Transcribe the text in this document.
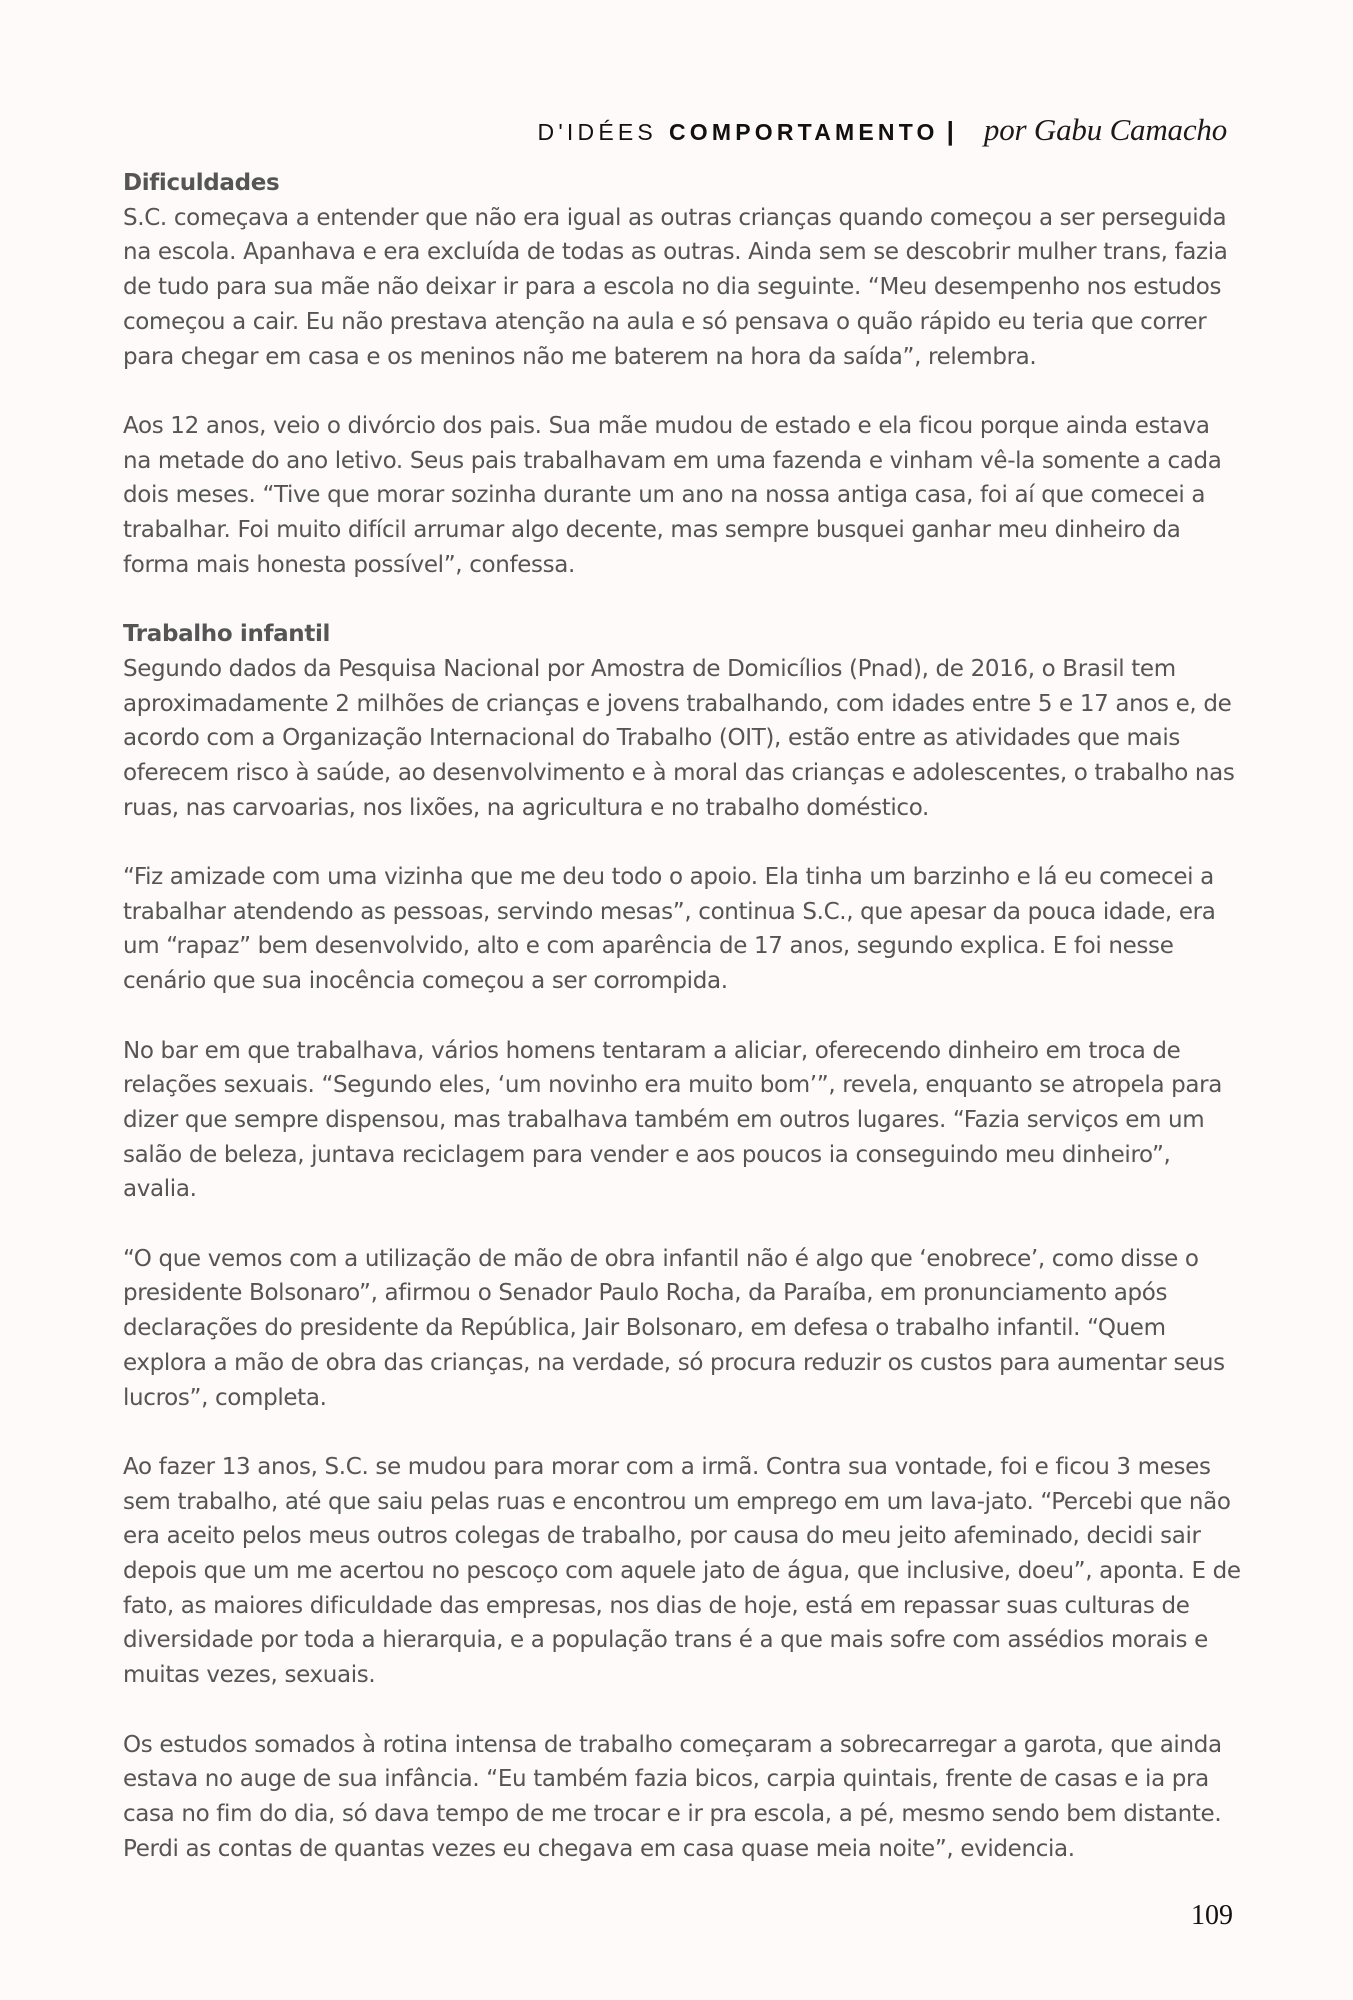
D'IDÉES COMPORTAMENTO | por Gabu Camacho
Dificuldades

S.C. começava a entender que não era igual as outras crianças quando começou a ser perseguida na escola. Apanhava e era excluída de todas as outras. Ainda sem se descobrir mulher trans, fazia de tudo para sua mãe não deixar ir para a escola no dia seguinte. “Meu desempenho nos estudos começou a cair. Eu não prestava atenção na aula e só pensava o quão rápido eu teria que correr para chegar em casa e os meninos não me baterem na hora da saída”, relembra.

Aos 12 anos, veio o divórcio dos pais. Sua mãe mudou de estado e ela ficou porque ainda estava na metade do ano letivo. Seus pais trabalhavam em uma fazenda e vinham vê-la somente a cada dois meses. “Tive que morar sozinha durante um ano na nossa antiga casa, foi aí que comecei a trabalhar. Foi muito difícil arrumar algo decente, mas sempre busquei ganhar meu dinheiro da forma mais honesta possível”, confessa.

Trabalho infantil

Segundo dados da Pesquisa Nacional por Amostra de Domicílios (Pnad), de 2016, o Brasil tem aproximadamente 2 milhões de crianças e jovens trabalhando, com idades entre 5 e 17 anos e, de acordo com a Organização Internacional do Trabalho (OIT), estão entre as atividades que mais oferecem risco à saúde, ao desenvolvimento e à moral das crianças e adolescentes, o trabalho nas ruas, nas carvoarias, nos lixões, na agricultura e no trabalho doméstico.

“Fiz amizade com uma vizinha que me deu todo o apoio. Ela tinha um barzinho e lá eu comecei a trabalhar atendendo as pessoas, servindo mesas”, continua S.C., que apesar da pouca idade, era um “rapaz” bem desenvolvido, alto e com aparência de 17 anos, segundo explica. E foi nesse cenário que sua inocência começou a ser corrompida.

No bar em que trabalhava, vários homens tentaram a aliciar, oferecendo dinheiro em troca de relações sexuais. “Segundo eles, ‘um novinho era muito bom’”, revela, enquanto se atropela para dizer que sempre dispensou, mas trabalhava também em outros lugares. “Fazia serviços em um salão de beleza, juntava reciclagem para vender e aos poucos ia conseguindo meu dinheiro”, avalia.

“O que vemos com a utilização de mão de obra infantil não é algo que ‘enobrece’, como disse o presidente Bolsonaro”, afirmou o Senador Paulo Rocha, da Paraíba, em pronunciamento após declarações do presidente da República, Jair Bolsonaro, em defesa o trabalho infantil. “Quem explora a mão de obra das crianças, na verdade, só procura reduzir os custos para aumentar seus lucros”, completa.

Ao fazer 13 anos, S.C. se mudou para morar com a irmã. Contra sua vontade, foi e ficou 3 meses sem trabalho, até que saiu pelas ruas e encontrou um emprego em um lava-jato. “Percebi que não era aceito pelos meus outros colegas de trabalho, por causa do meu jeito afeminado, decidi sair depois que um me acertou no pescoço com aquele jato de água, que inclusive, doeu”, aponta. E de fato, as maiores dificuldade das empresas, nos dias de hoje, está em repassar suas culturas de diversidade por toda a hierarquia, e a população trans é a que mais sofre com assédios morais e muitas vezes, sexuais.

Os estudos somados à rotina intensa de trabalho começaram a sobrecarregar a garota, que ainda estava no auge de sua infância. “Eu também fazia bicos, carpia quintais, frente de casas e ia pra casa no fim do dia, só dava tempo de me trocar e ir pra escola, a pé, mesmo sendo bem distante. Perdi as contas de quantas vezes eu chegava em casa quase meia noite”, evidencia.

109
